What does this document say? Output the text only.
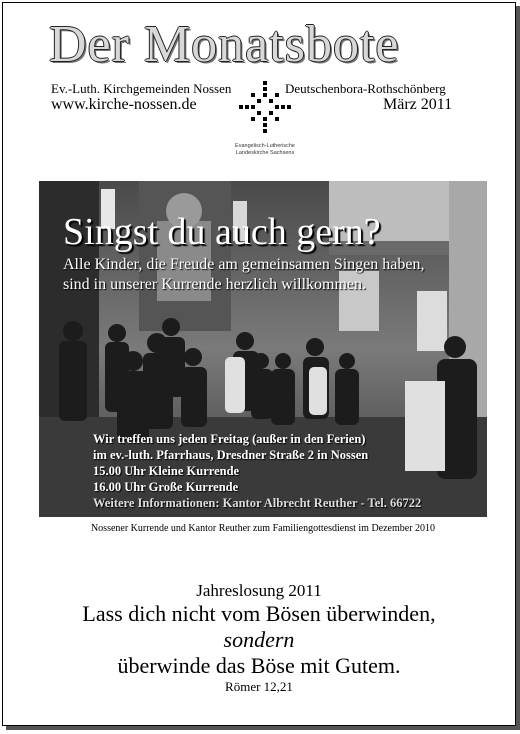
Der Monatsbote
Ev.-Luth. Kirchgemeinden Nossen	Deutschenbora-Rothschönberg
www.kirche-nossen.de	März 2011
Evangelisch-Lutherische
Landeskirche Sachsens
Singst du auch gern?
Alle Kinder, die Freude am gemeinsamen Singen haben,
sind in unserer Kurrende herzlich willkommen.
Wir treffen uns jeden Freitag (außer in den Ferien)
im ev.-luth. Pfarrhaus, Dresdner Straße 2 in Nossen
15.00 Uhr Kleine Kurrende
16.00 Uhr Große Kurrende
Weitere Informationen: Kantor Albrecht Reuther - Tel. 66722
Nossener Kurrende und Kantor Reuther zum Familiengottesdienst im Dezember 2010
Jahreslosung 2011
Lass dich nicht vom Bösen überwinden,
sondern
überwinde das Böse mit Gutem.
Römer 12,21
